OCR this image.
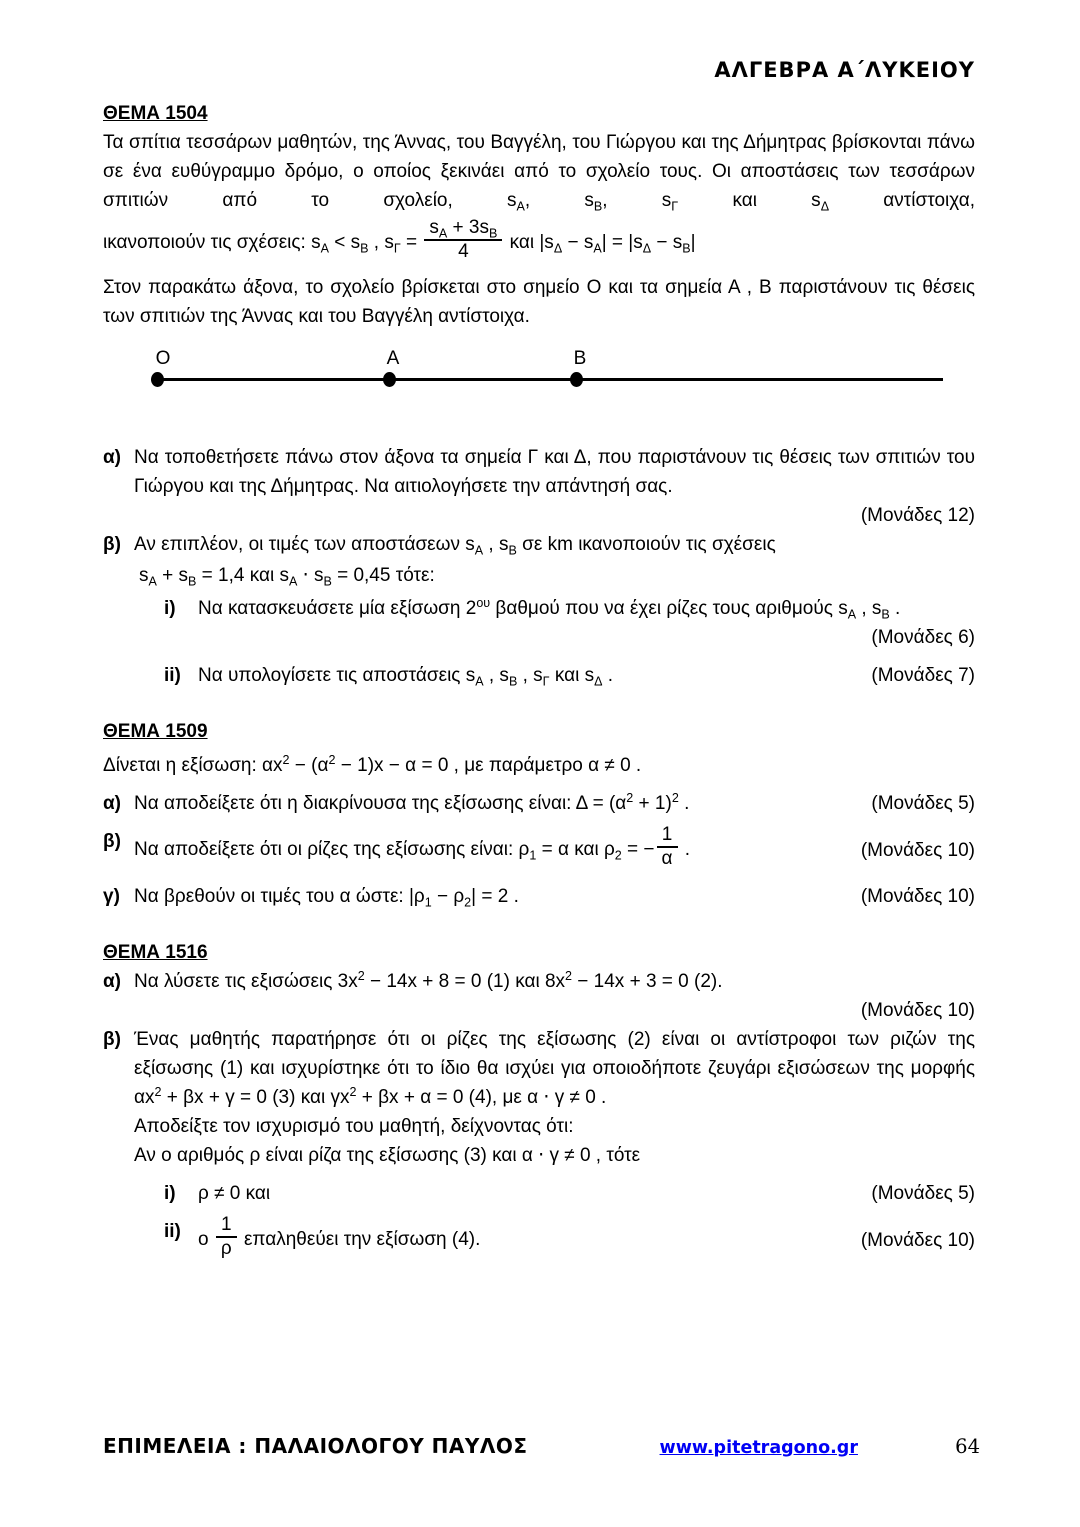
ΑΛΓΕΒΡΑ Α΄ΛΥΚΕΙΟΥ
ΘΕΜΑ 1504
Τα σπίτια τεσσάρων μαθητών, της Άννας, του Βαγγέλη, του Γιώργου και της Δήμητρας βρίσκονται πάνω σε ένα ευθύγραμμο δρόμο, ο οποίος ξεκινάει από το σχολείο τους. Οι αποστάσεις των τεσσάρων σπιτιών από το σχολείο, $s_A$, $s_B$, $s_\Gamma$ και $s_\Delta$ αντίστοιχα,
ικανοποιούν τις σχέσεις: $s_A < s_B$ , $s_\Gamma = \frac{s_A + 3s_B}{4}$ και $|s_\Delta - s_A| = |s_\Delta - s_B|$
Στον παρακάτω άξονα, το σχολείο βρίσκεται στο σημείο Ο και τα σημεία Α , Β παριστάνουν τις θέσεις των σπιτιών της Άννας και του Βαγγέλη αντίστοιχα.
O	A	B
α) Να τοποθετήσετε πάνω στον άξονα τα σημεία Γ και Δ, που παριστάνουν τις θέσεις των σπιτιών του Γιώργου και της Δήμητρας. Να αιτιολογήσετε την απάντησή σας.
(Μονάδες 12)
β) Αν επιπλέον, οι τιμές των αποστάσεων $s_A$ , $s_B$ σε km ικανοποιούν τις σχέσεις
$s_A + s_B = 1,4$ και $s_A \cdot s_B = 0,45$ τότε:
i)	Να κατασκευάσετε μία εξίσωση $2^{o\upsilon}$ βαθμού που να έχει ρίζες τους αριθμούς $s_A$ , $s_B$ .
(Μονάδες 6)
ii) Να υπολογίσετε τις αποστάσεις $s_A$ , $s_B$ , $s_\Gamma$ και $s_\Delta$ .	(Μονάδες 7)
ΘΕΜΑ 1509
Δίνεται η εξίσωση: $\alpha x^2 - (\alpha^2 - 1)x - \alpha = 0$ , με παράμετρο α ≠ 0 .
α) Να αποδείξετε ότι η διακρίνουσα της εξίσωσης είναι: $\Delta = (\alpha^2 + 1)^2$ .	(Μονάδες 5)
β) Να αποδείξετε ότι οι ρίζες της εξίσωσης είναι: $\rho_1 = \alpha$ και $\rho_2$ = − $\frac{1}{\alpha}$ .	(Μονάδες 10)
γ) Να βρεθούν οι τιμές του α ώστε: $|\rho_1 - \rho_2| = 2$ .	(Μονάδες 10)
ΘΕΜΑ 1516
α) Να λύσετε τις εξισώσεις $3x^2 - 14x + 8 = 0$ (1) και $8x^2 - 14x + 3 = 0$ (2).
(Μονάδες 10)
β) Ένας μαθητής παρατήρησε ότι οι ρίζες της εξίσωσης (2) είναι οι αντίστροφοι των ριζών της εξίσωσης (1) και ισχυρίστηκε ότι το ίδιο θα ισχύει για οποιοδήποτε ζευγάρι εξισώσεων της μορφής $\alpha x^2 + \beta x + \gamma = 0$ (3) και $\gamma x^2 + \beta x + \alpha = 0$ (4), με α ⋅ γ ≠ 0 .
Αποδείξτε τον ισχυρισμό του μαθητή, δείχνοντας ότι:
Αν ο αριθμός ρ είναι ρίζα της εξίσωσης (3) και α ⋅ γ ≠ 0 , τότε
i)	ρ ≠ 0 και	(Μονάδες 5)
ii) ο $\frac{1}{\rho}$ επαληθεύει την εξίσωση (4).	(Μονάδες 10)
ΕΠΙΜΕΛΕΙΑ : ΠΑΛΑΙΟΛΟΓΟΥ ΠΑΥΛΟΣ	www.pitetragono.gr	64
